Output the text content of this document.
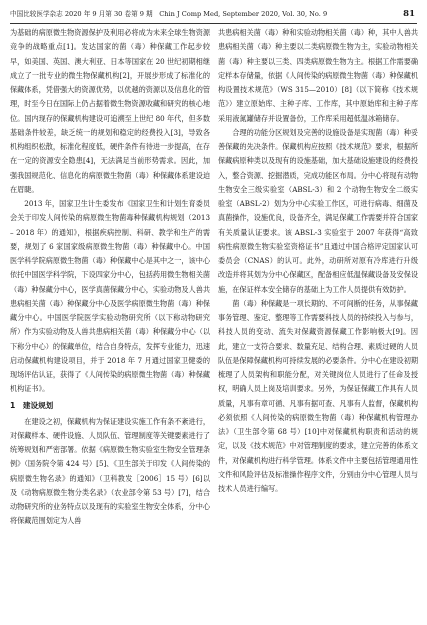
中国比较医学杂志 2020 年 9 月第 30 卷第 9 期　Chin J Comp Med, September 2020, Vol. 30, No. 9	81

为基础的病原微生物资源保护及利用必将成为未来全球生物资源竞争的战略重点[1]。发达国家的菌（毒）种保藏工作起步较早，如美国、英国、澳大利亚、日本等国家在 20 世纪初期相继成立了一批专业的微生物保藏机构[2]，开展步形成了标准化的保藏体系，凭借强大的资源优势，以优越的资源以及信息化的管理，时至今日在国际上仍占据着微生物资源收藏和研究的核心地位。国内现存的保藏机构建设可追溯至上世纪 80 年代，但多数基础条件较差，缺乏统一的规划和稳定的经费投入[3]，导致各机构组织松散，标准化程度低，硬件条件有待进一步提高，在存在一定的资源安全隐患[4]，无法满足当前形势需求。因此，加强我国规范化、信息化的病原微生物菌（毒）种保藏体系建设迫在眉睫。

2013 年，国家卫生计生委发布《国家卫生和计划生育委员会关于印发人间传染的病原微生物菌毒种保藏机构规划（2013 – 2018 年）的通知》，根据疾病控制、科研、教学和生产的需要，规划了 6 家国家级病原微生物菌（毒）种保藏中心。中国医学科学院病原微生物菌（毒）种保藏中心是其中之一，该中心依托中国医学科学院，下设四家分中心，包括药用微生物相关菌（毒）种保藏分中心，医学真菌保藏分中心，实验动物及人兽共患病相关菌（毒）种保藏分中心及医学病原微生物菌（毒）种保藏分中心。中国医学院医学实验动物研究所（以下称动物研究所）作为实验动物及人兽共患病相关菌（毒）种保藏分中心（以下称分中心）的保藏单位，结合自身特点，发挥专业能力，迅速启动保藏机构建设项目，并于 2018 年 7 月通过国家卫健委的现场评估认证，获得了《人间传染的病原微生物菌（毒）种保藏机构证书》。

1　建设规划

在建设之初，保藏机构为保证建设实施工作有条不紊进行，对保藏样本、硬件设施、人员队伍、管理制度等关键要素进行了统筹规划和严密部署。依据《病原微生物实验室生物安全管理条例》（国务院令第 424 号）[5]、《卫生部关于印发《人间传染的病原微生物名录》的通知》（卫科教发［2006］15 号）[6]以及《动物病原微生物分类名录》（农业部令第 53 号）[7]，结合动物研究所的业务特点以及现有的实验室生物安全体系，分中心将保藏范围划定为人兽

共患病相关菌（毒）种和实验动物相关菌（毒）种，其中人兽共患病相关菌（毒）种主要以二类病原微生物为主，实验动物相关菌（毒）种主要以三类、四类病原微生物为主。根据工作需要确定样本存储量，依据《人间传染的病原微生物菌（毒）种保藏机构设置技术规范》（WS 315—2010）[8]（以下简称《技术规范》）建立原始库、主种子库、工作库，其中原始库和主种子库采用液氮罐储存并设置备份，工作库采用超低温冰箱储存。

合理的功能分区规划及完善的设施设备是实现菌（毒）种妥善保藏的先决条件。保藏机构应按照《技术规范》要求，根据所保藏病原种类以及现有的设施基础，加大基础设施建设的经费投入，整合资源、挖掘潜质，完成功能区布局。分中心将现有动物生物安全三级实验室（ABSL-3）和 2 个动物生物安全二级实验室（ABSL-2）划为分中心实验工作区，可进行病毒、细菌及真菌操作，设施优良，设备齐全，满足保藏工作需要并符合国家有关质量认证要求。该 ABSL-3 实验室于 2007 年获得“高致病性病原微生物实验室资格证书”且通过中国合格评定国家认可委员会（CNAS）的认可。此外，动研所对原有冷库进行升级改造并将其划为分中心保藏区，配备相应低温保藏设备及安保设施，在保证样本安全储存的基础上为工作人员提供有效防护。

菌（毒）种保藏是一项长期的、不可间断的任务，从事保藏事务管理、鉴定、整理等工作需要科技人员的持续投入与参与，科技人员的变动、流失对保藏资源保藏工作影响极大[9]。因此，建立一支符合要求、数量充足、结构合理、素质过硬的人员队伍是保障保藏机构可持续发展的必要条件。分中心在建设初期梳理了人员架构和职能分配，对关键岗位人员进行了任命及授权，明确人员上岗及培训要求。另外，为保证保藏工作具有人员质量，凡事有章可循、凡事有据可查、凡事有人监督，保藏机构必须依照《人间传染的病原微生物菌（毒）种保藏机构管理办法》（卫生部令第 68 号）[10]中对保藏机构职责和活动的规定，以及《技术规范》中对管理制度的要求，建立完善的体系文件，对保藏机构进行科学管理。体系文件中主要包括管理通用性文件和风险评估及标准操作程序文件，分别由分中心管理人员与技术人员进行编写。
